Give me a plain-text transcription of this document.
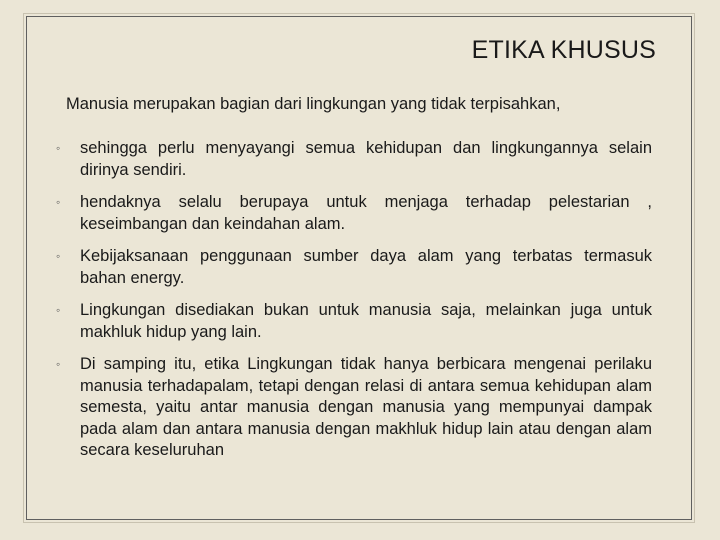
ETIKA KHUSUS
Manusia merupakan bagian dari lingkungan yang tidak terpisahkan,
◦	sehingga perlu menyayangi semua kehidupan dan lingkungannya selain dirinya sendiri.
◦	hendaknya selalu berupaya untuk menjaga terhadap pelestarian , keseimbangan dan keindahan alam.
◦	Kebijaksanaan penggunaan sumber daya alam yang terbatas termasuk bahan energy.
◦	Lingkungan disediakan bukan untuk manusia saja, melainkan juga untuk makhluk hidup yang lain.
◦	Di samping itu, etika Lingkungan tidak hanya berbicara mengenai perilaku manusia terhadapalam, tetapi dengan relasi di antara semua kehidupan alam semesta, yaitu antar manusia dengan manusia yang mempunyai dampak pada alam dan antara manusia dengan makhluk hidup lain atau dengan alam secara keseluruhan
